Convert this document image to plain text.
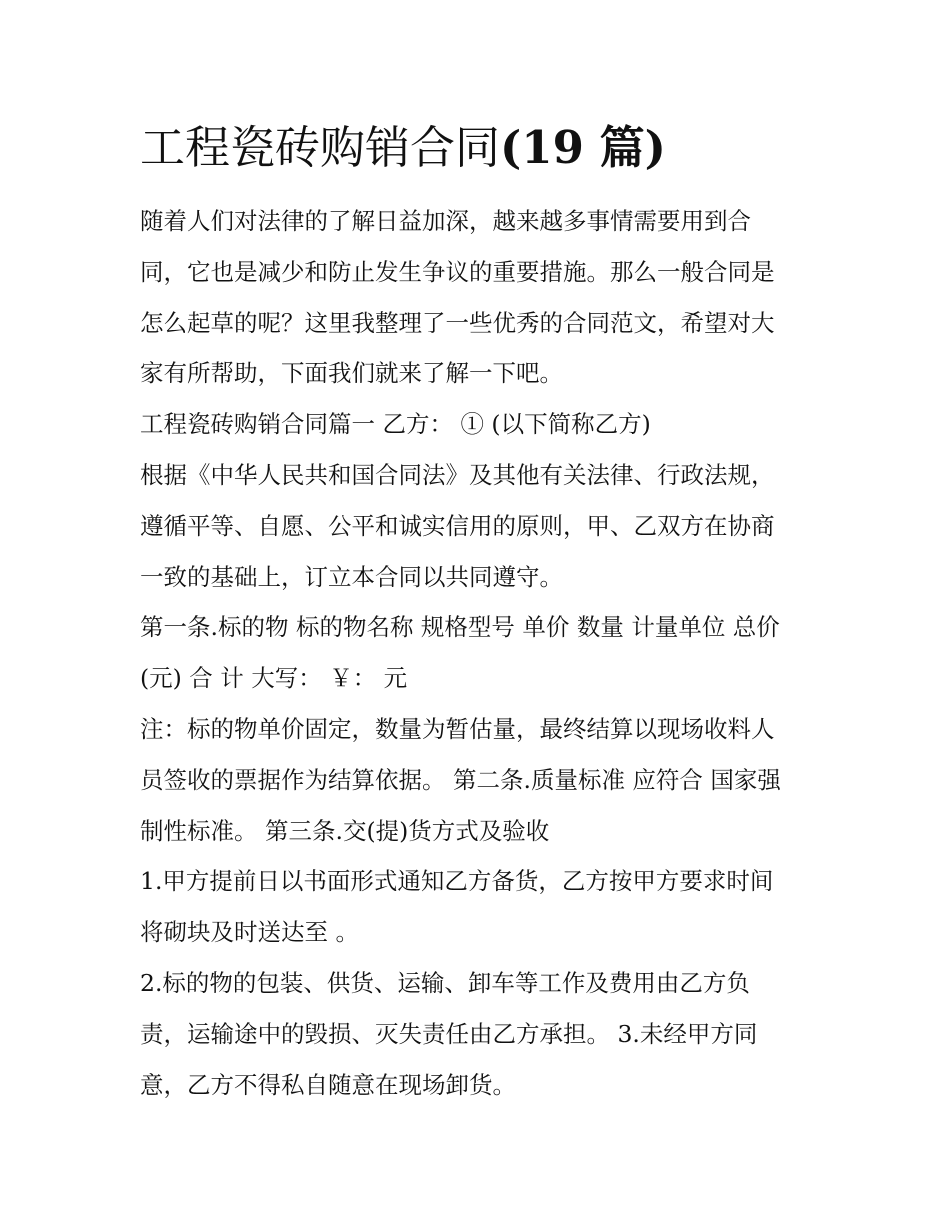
工程瓷砖购销合同(19 篇)

随着人们对法律的了解日益加深，越来越多事情需要用到合

同，它也是减少和防止发生争议的重要措施。那么一般合同是

怎么起草的呢？这里我整理了一些优秀的合同范文，希望对大

家有所帮助，下面我们就来了解一下吧。

工程瓷砖购销合同篇一 乙方： ① (以下简称乙方)

根据《中华人民共和国合同法》及其他有关法律、行政法规，

遵循平等、自愿、公平和诚实信用的原则，甲、乙双方在协商

一致的基础上，订立本合同以共同遵守。

第一条.标的物 标的物名称 规格型号 单价 数量 计量单位 总价

(元) 合 计 大写： ￥： 元

注：标的物单价固定，数量为暂估量，最终结算以现场收料人

员签收的票据作为结算依据。 第二条.质量标准 应符合 国家强

制性标准。 第三条.交(提)货方式及验收

1.甲方提前日以书面形式通知乙方备货，乙方按甲方要求时间

将砌块及时送达至 。

2.标的物的包装、供货、运输、卸车等工作及费用由乙方负

责，运输途中的毁损、灭失责任由乙方承担。 3.未经甲方同

意，乙方不得私自随意在现场卸货。
